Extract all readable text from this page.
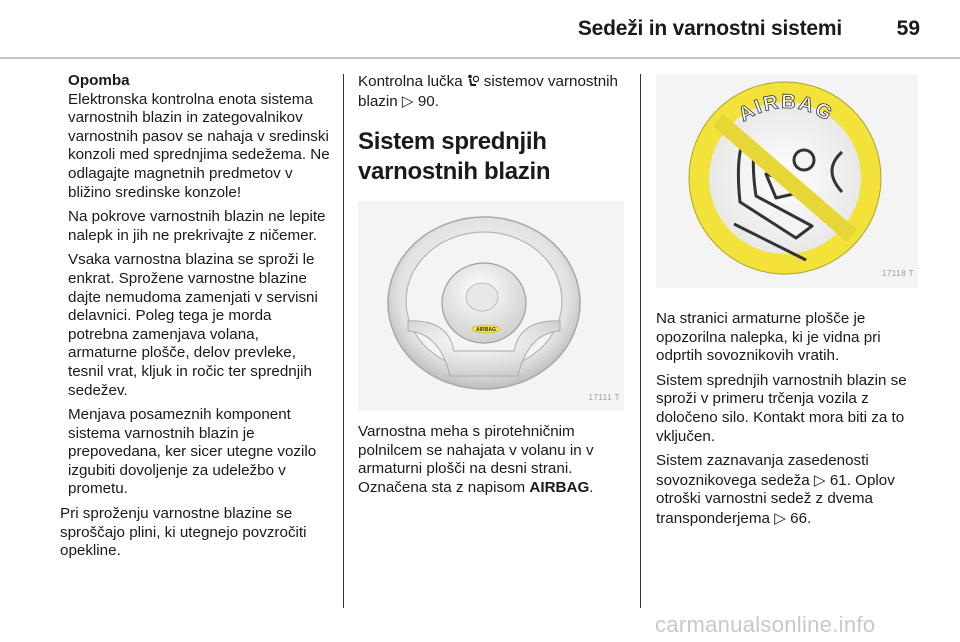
Sedeži in varnostni sistemi	59

Opomba

Elektronska kontrolna enota sistema varnostnih blazin in zategovalnikov varnostnih pasov se nahaja v sredinski konzoli med sprednjima sedežema. Ne odlagajte magnetnih predmetov v bližino sredinske konzole!

Na pokrove varnostnih blazin ne lepite nalepk in jih ne prekrivajte z ničemer.

Vsaka varnostna blazina se sproži le enkrat. Sprožene varnostne blazine dajte nemudoma zamenjati v servisni delavnici. Poleg tega je morda potrebna zamenjava volana, armaturne plošče, delov prevleke, tesnil vrat, kljuk in ročic ter sprednjih sedežev.

Menjava posameznih komponent sistema varnostnih blazin je prepovedana, ker sicer utegne vozilo izgubiti dovoljenje za udeležbo v prometu.

Pri sproženju varnostne blazine se sproščajo plini, ki utegnejo povzročiti opekline.

Kontrolna lučka sistemov varnostnih blazin ▷ 90.

Sistem sprednjih varnostnih blazin
AIRBAG
17111 T

Varnostna meha s pirotehničnim polnilcem se nahajata v volanu in v armaturni plošči na desni strani. Označena sta z napisom AIRBAG.

AIRBAG
17118 T

Na stranici armaturne plošče je opozorilna nalepka, ki je vidna pri odprtih sovoznikovih vratih.

Sistem sprednjih varnostnih blazin se sproži v primeru trčenja vozila z določeno silo. Kontakt mora biti za to vključen.

Sistem zaznavanja zasedenosti sovoznikovega sedeža ▷ 61. Oplov otroški varnostni sedež z dvema transponderjema ▷ 66.

carmanualsonline.info
